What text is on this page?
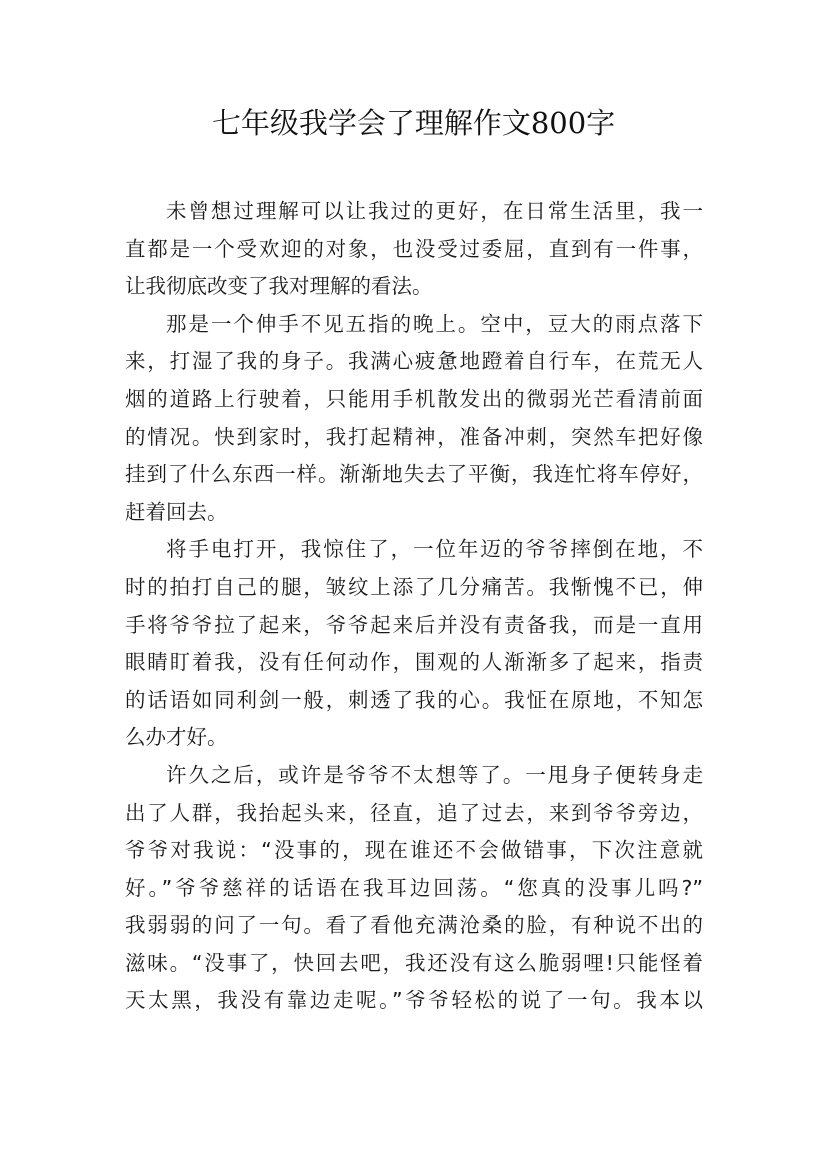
七年级我学会了理解作文800字
未曾想过理解可以让我过的更好，在日常生活里，我一
直都是一个受欢迎的对象，也没受过委屈，直到有一件事，
让我彻底改变了我对理解的看法。
那是一个伸手不见五指的晚上。空中，豆大的雨点落下
来，打湿了我的身子。我满心疲惫地蹬着自行车，在荒无人
烟的道路上行驶着，只能用手机散发出的微弱光芒看清前面
的情况。快到家时，我打起精神，准备冲刺，突然车把好像
挂到了什么东西一样。渐渐地失去了平衡，我连忙将车停好，
赶着回去。
将手电打开，我惊住了，一位年迈的爷爷摔倒在地，不
时的拍打自己的腿，皱纹上添了几分痛苦。我惭愧不已，伸
手将爷爷拉了起来，爷爷起来后并没有责备我，而是一直用
眼睛盯着我，没有任何动作，围观的人渐渐多了起来，指责
的话语如同利剑一般，刺透了我的心。我怔在原地，不知怎
么办才好。
许久之后，或许是爷爷不太想等了。一甩身子便转身走
出了人群，我抬起头来，径直，追了过去，来到爷爷旁边，
爷爷对我说：“没事的，现在谁还不会做错事，下次注意就
好。”爷爷慈祥的话语在我耳边回荡。“您真的没事儿吗?”
我弱弱的问了一句。看了看他充满沧桑的脸，有种说不出的
滋味。“没事了，快回去吧，我还没有这么脆弱哩!只能怪着
天太黑，我没有靠边走呢。”爷爷轻松的说了一句。我本以
